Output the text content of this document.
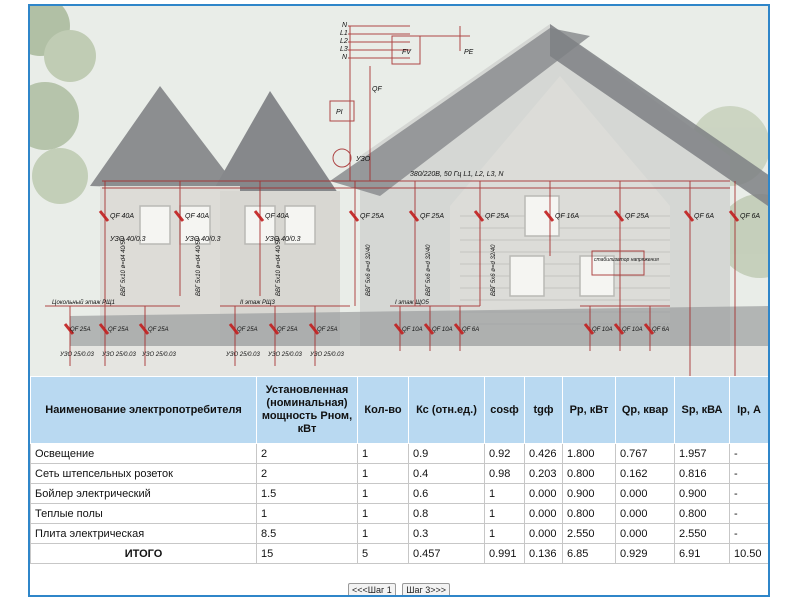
N
L1
L2
L3
N
FV	PE
QF
PI
УЗО
380/220В, 50 Гц L1, L2, L3, N
стабилизатор напряжения
QF 40A	QF 40A	QF 40A	QF 25A	QF 25A	QF 25A	QF 16A	QF 25A	QF 6A	QF 6A
УЗО 40/0.3	УЗО 40/0.3	УЗО 40/0.3
Цокольный этаж РЩ1	II этаж РЩ3	I этаж ЩО5
QF 25A	QF 25A	QF 25A	QF 25A	QF 25A	QF 25A	QF 10A QF 10A QF 6A	QF 10A QF 10A QF 6A
УЗО 25/0.03 УЗО 25/0.03 УЗО 25/0.03	УЗО 25/0.03 УЗО 25/0.03 УЗО 25/0.03
ВВГ 5x10 ø=d4 40/50	ВВГ 5x10 ø=d4 40/50	ВВГ 5x10 ø=d4 40/50	ВВГ 5x6 ø=d 32/40	ВВГ 5x6 ø=d 32/40	ВВГ 5x6 ø=d 32/40
Наименование электропотребителя	Установленная (номинальная) мощность Рном, кВт	Кол-во	Кс (отн.ед.)	cosф	tgф	Рр, кВт	Qр, квар	Sр, кВА	Iр, А
Освещение	2	1	0.9	0.92	0.426	1.800	0.767	1.957	-
Сеть штепсельных розеток	2	1	0.4	0.98	0.203	0.800	0.162	0.816	-
Бойлер электрический	1.5	1	0.6	1	0.000	0.900	0.000	0.900	-
Теплые полы	1	1	0.8	1	0.000	0.800	0.000	0.800	-
Плита электрическая	8.5	1	0.3	1	0.000	2.550	0.000	2.550	-
ИТОГО	15	5	0.457	0.991	0.136	6.85	0.929	6.91	10.50
<<<Шаг 1 Шаг 3>>>
